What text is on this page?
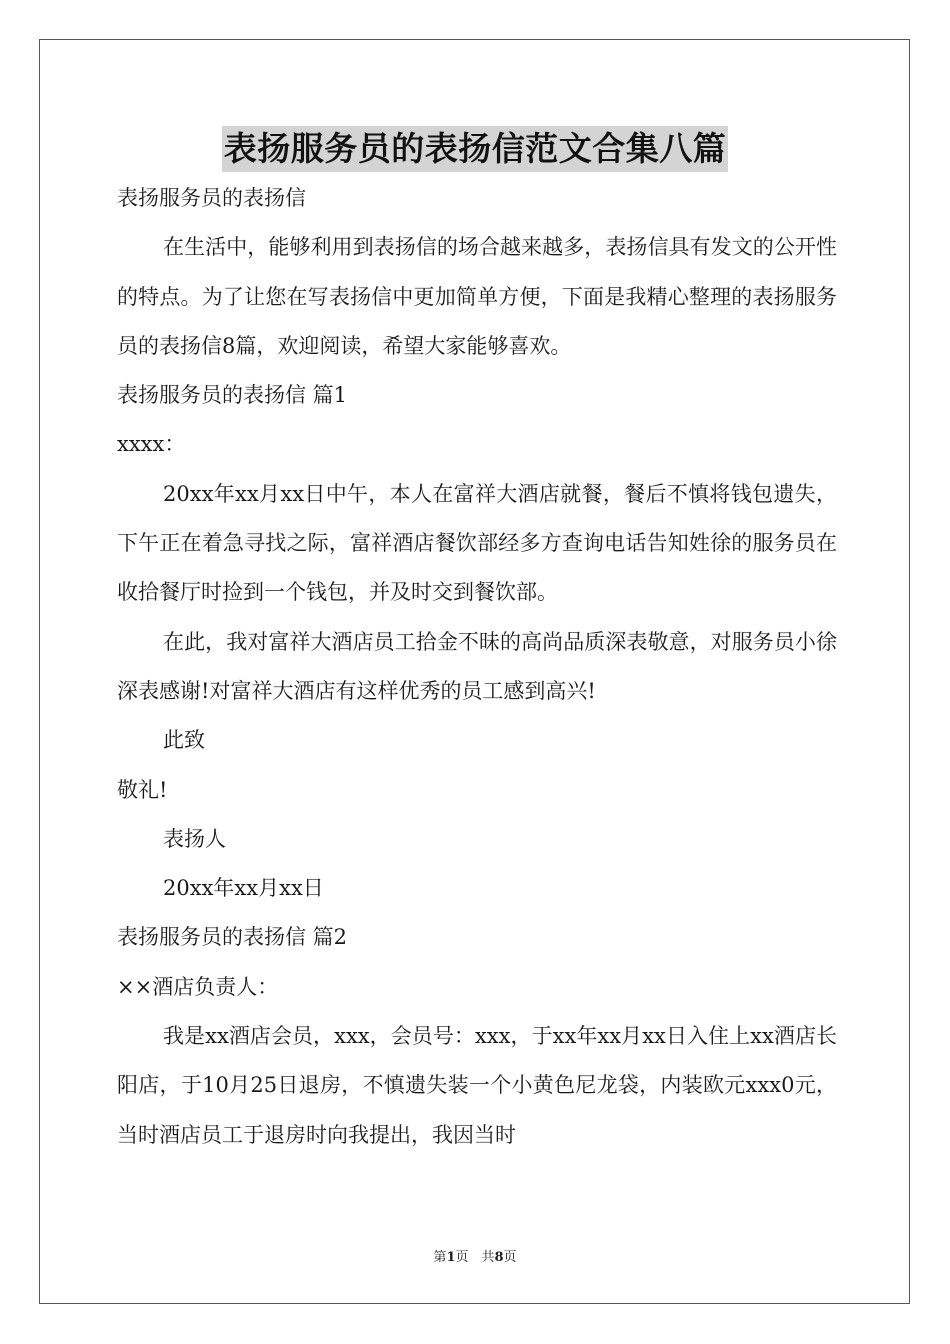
表扬服务员的表扬信范文合集八篇

表扬服务员的表扬信

在生活中，能够利用到表扬信的场合越来越多，表扬信具有发文的公开性的特点。为了让您在写表扬信中更加简单方便，下面是我精心整理的表扬服务员的表扬信8篇，欢迎阅读，希望大家能够喜欢。

表扬服务员的表扬信 篇1

xxxx：

20xx年xx月xx日中午，本人在富祥大酒店就餐，餐后不慎将钱包遗失，下午正在着急寻找之际，富祥酒店餐饮部经多方查询电话告知姓徐的服务员在收拾餐厅时捡到一个钱包，并及时交到餐饮部。

在此，我对富祥大酒店员工拾金不昧的高尚品质深表敬意，对服务员小徐深表感谢!对富祥大酒店有这样优秀的员工感到高兴!

此致

敬礼!

表扬人

20xx年xx月xx日

表扬服务员的表扬信 篇2

××酒店负责人：

我是xx酒店会员，xxx，会员号：xxx，于xx年xx月xx日入住上xx酒店长阳店，于10月25日退房，不慎遗失装一个小黄色尼龙袋，内装欧元xxx0元，当时酒店员工于退房时向我提出，我因当时

第1页　共8页
